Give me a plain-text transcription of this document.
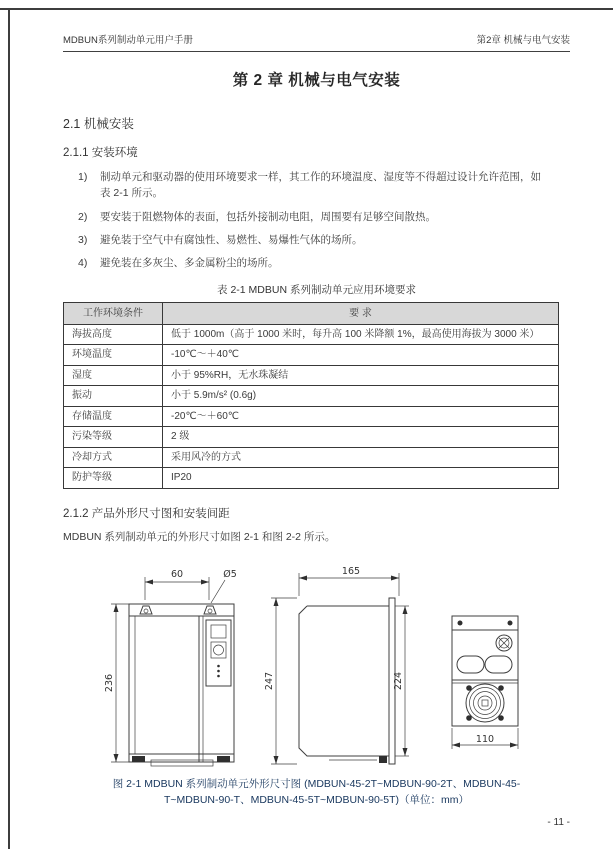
MDBUN系列制动单元用户手册	第2章 机械与电气安装
第 2 章 机械与电气安装
2.1 机械安装
2.1.1 安装环境
1)	制动单元和驱动器的使用环境要求一样，其工作的环境温度、湿度等不得超过设计允许范围，如表 2-1 所示。
2)	要安装于阻燃物体的表面，包括外接制动电阻，周围要有足够空间散热。
3)	避免装于空气中有腐蚀性、易燃性、易爆性气体的场所。
4)	避免装在多灰尘、多金属粉尘的场所。
表 2-1 MDBUN 系列制动单元应用环境要求
工作环境条件	要 求
海拔高度	低于 1000m（高于 1000 米时，每升高 100 米降额 1%，最高使用海拔为 3000 米）
环境温度	-10℃～＋40℃
湿度	小于 95%RH，无水珠凝结
振动	小于 5.9m/s² (0.6g)
存储温度	-20℃～＋60℃
污染等级	2 级
冷却方式	采用风冷的方式
防护等级	IP20
2.1.2 产品外形尺寸图和安装间距
MDBUN 系列制动单元的外形尺寸如图 2-1 和图 2-2 所示。
60	Ø5
236
165
247	224
110
图 2-1 MDBUN 系列制动单元外形尺寸图 (MDBUN-45-2T~MDBUN-90-2T、MDBUN-45-
T~MDBUN-90-T、MDBUN-45-5T~MDBUN-90-5T)（单位：mm）
- 11 -
